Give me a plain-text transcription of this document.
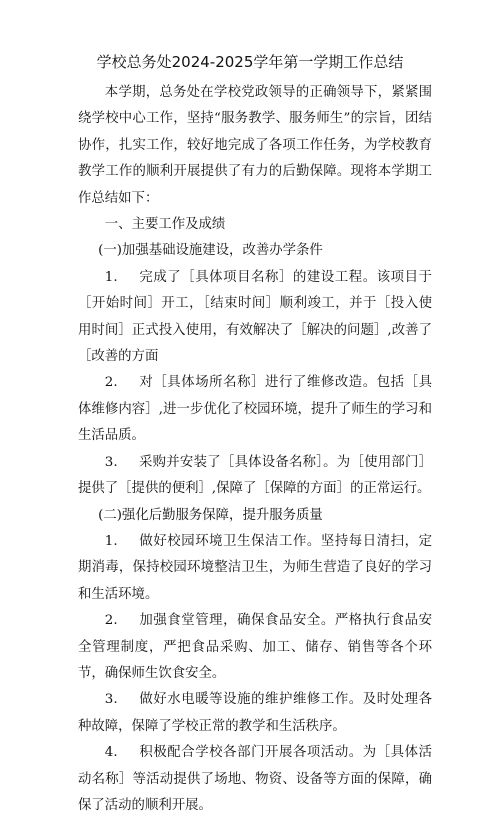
学校总务处2024-2025学年第一学期工作总结

本学期，总务处在学校党政领导的正确领导下，紧紧围绕学校中心工作，坚持“服务教学、服务师生”的宗旨，团结协作，扎实工作，较好地完成了各项工作任务，为学校教育教学工作的顺利开展提供了有力的后勤保障。现将本学期工作总结如下：

一、主要工作及成绩

(一)加强基础设施建设，改善办学条件

1. 完成了［具体项目名称］的建设工程。该项目于［开始时间］开工，［结束时间］顺利竣工，并于［投入使用时间］正式投入使用，有效解决了［解决的问题］,改善了［改善的方面

2. 对［具体场所名称］进行了维修改造。包括［具体维修内容］,进一步优化了校园环境，提升了师生的学习和生活品质。

3. 采购并安装了［具体设备名称］。为［使用部门］提供了［提供的便利］,保障了［保障的方面］的正常运行。

(二)强化后勤服务保障，提升服务质量

1. 做好校园环境卫生保洁工作。坚持每日清扫，定期消毒，保持校园环境整洁卫生，为师生营造了良好的学习和生活环境。

2. 加强食堂管理，确保食品安全。严格执行食品安全管理制度，严把食品采购、加工、储存、销售等各个环节，确保师生饮食安全。

3. 做好水电暖等设施的维护维修工作。及时处理各种故障，保障了学校正常的教学和生活秩序。

4. 积极配合学校各部门开展各项活动。为［具体活动名称］等活动提供了场地、物资、设备等方面的保障，确保了活动的顺利开展。
